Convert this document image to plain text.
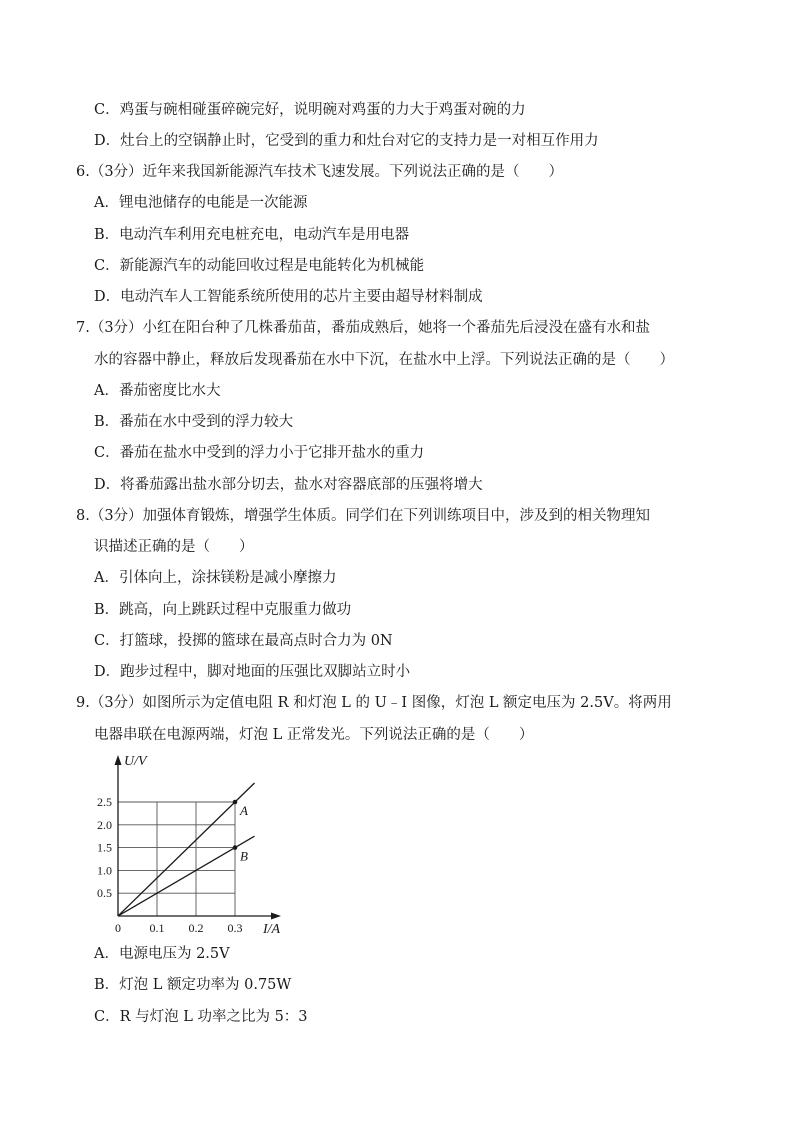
C．鸡蛋与碗相碰蛋碎碗完好，说明碗对鸡蛋的力大于鸡蛋对碗的力
D．灶台上的空锅静止时，它受到的重力和灶台对它的支持力是一对相互作用力
6.（3分）近年来我国新能源汽车技术飞速发展。下列说法正确的是（　　）
A．锂电池储存的电能是一次能源
B．电动汽车利用充电桩充电，电动汽车是用电器
C．新能源汽车的动能回收过程是电能转化为机械能
D．电动汽车人工智能系统所使用的芯片主要由超导材料制成
7.（3分）小红在阳台种了几株番茄苗，番茄成熟后，她将一个番茄先后浸没在盛有水和盐
水的容器中静止，释放后发现番茄在水中下沉，在盐水中上浮。下列说法正确的是（　　）
A．番茄密度比水大
B．番茄在水中受到的浮力较大
C．番茄在盐水中受到的浮力小于它排开盐水的重力
D．将番茄露出盐水部分切去，盐水对容器底部的压强将增大
8.（3分）加强体育锻炼，增强学生体质。同学们在下列训练项目中，涉及到的相关物理知
识描述正确的是（　　）
A．引体向上，涂抹镁粉是减小摩擦力
B．跳高，向上跳跃过程中克服重力做功
C．打篮球，投掷的篮球在最高点时合力为 0N
D．跑步过程中，脚对地面的压强比双脚站立时小
9.（3分）如图所示为定值电阻 R 和灯泡 L 的 U﹣I 图像，灯泡 L 额定电压为 2.5V。将两用
电器串联在电源两端，灯泡 L 正常发光。下列说法正确的是（　　）
A
B
0 0.1 0.2 0.3
0.5
1.0
1.5
2.0
2.5
U/V
I/A
A．电源电压为 2.5V
B．灯泡 L 额定功率为 0.75W
C．R 与灯泡 L 功率之比为 5：3
